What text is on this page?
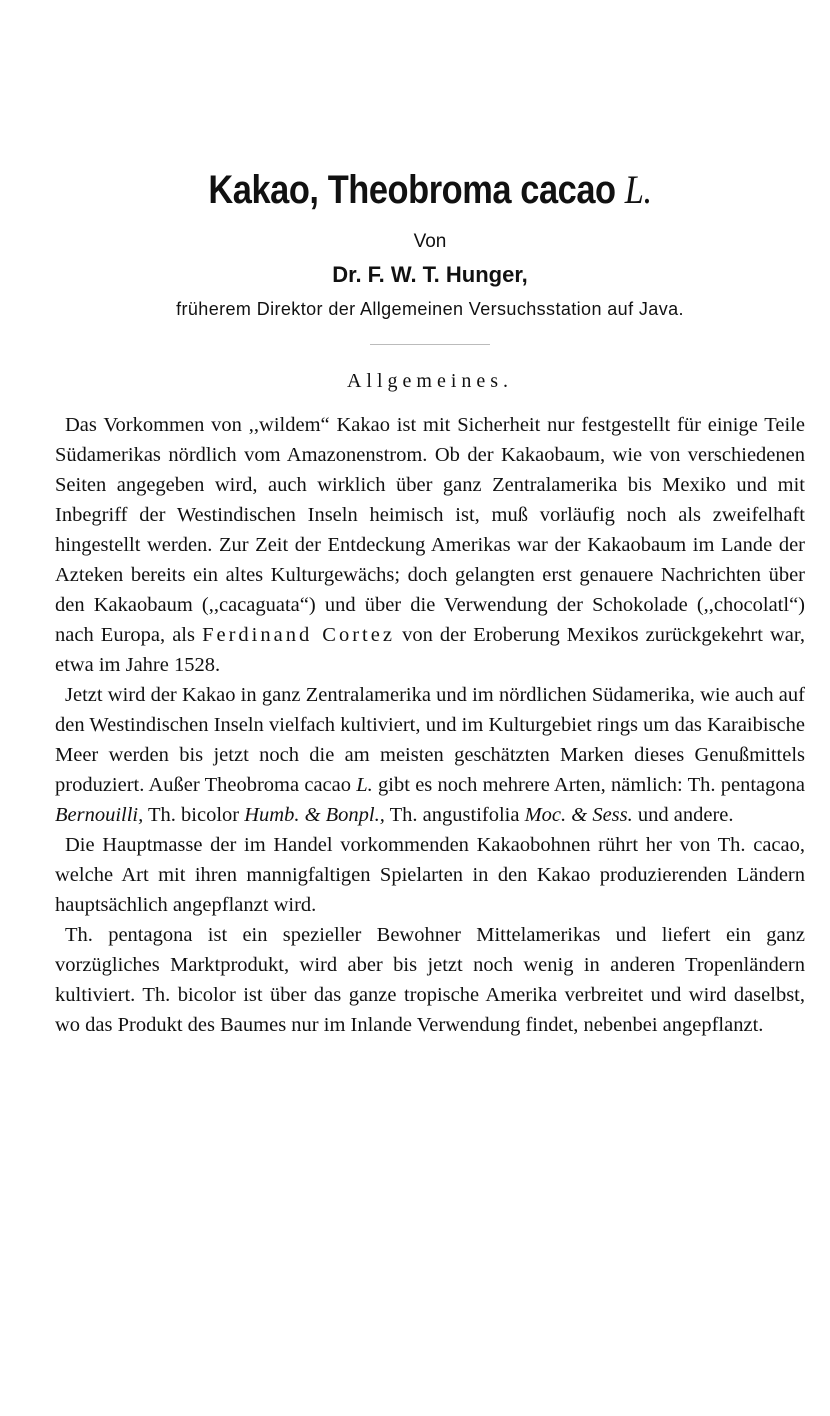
Kakao, Theobroma cacao L.
Von
Dr. F. W. T. Hunger,
früherem Direktor der Allgemeinen Versuchsstation auf Java.
Allgemeines.

Das Vorkommen von ,,wildem“ Kakao ist mit Sicherheit nur festgestellt für einige Teile Südamerikas nördlich vom Amazonenstrom. Ob der Kakaobaum, wie von verschiedenen Seiten angegeben wird, auch wirklich über ganz Zentralamerika bis Mexiko und mit Inbegriff der Westindischen Inseln heimisch ist, muß vorläufig noch als zweifelhaft hingestellt werden. Zur Zeit der Entdeckung Amerikas war der Kakaobaum im Lande der Azteken bereits ein altes Kulturgewächs; doch gelangten erst genauere Nachrichten über den Kakaobaum (,,cacaguata“) und über die Verwendung der Schokolade (,,chocolatl“) nach Europa, als Ferdinand Cortez von der Eroberung Mexikos zurückgekehrt war, etwa im Jahre 1528.

Jetzt wird der Kakao in ganz Zentralamerika und im nördlichen Südamerika, wie auch auf den Westindischen Inseln vielfach kultiviert, und im Kulturgebiet rings um das Karaibische Meer werden bis jetzt noch die am meisten geschätzten Marken dieses Genußmittels produziert. Außer Theobroma cacao L. gibt es noch mehrere Arten, nämlich: Th. pentagona Bernouilli, Th. bicolor Humb. & Bonpl., Th. angustifolia Moc. & Sess. und andere.

Die Hauptmasse der im Handel vorkommenden Kakaobohnen rührt her von Th. cacao, welche Art mit ihren mannigfaltigen Spielarten in den Kakao produzierenden Ländern hauptsächlich angepflanzt wird.

Th. pentagona ist ein spezieller Bewohner Mittelamerikas und liefert ein ganz vorzügliches Marktprodukt, wird aber bis jetzt noch wenig in anderen Tropenländern kultiviert. Th. bicolor ist über das ganze tropische Amerika verbreitet und wird daselbst, wo das Produkt des Baumes nur im Inlande Verwendung findet, nebenbei angepflanzt.
